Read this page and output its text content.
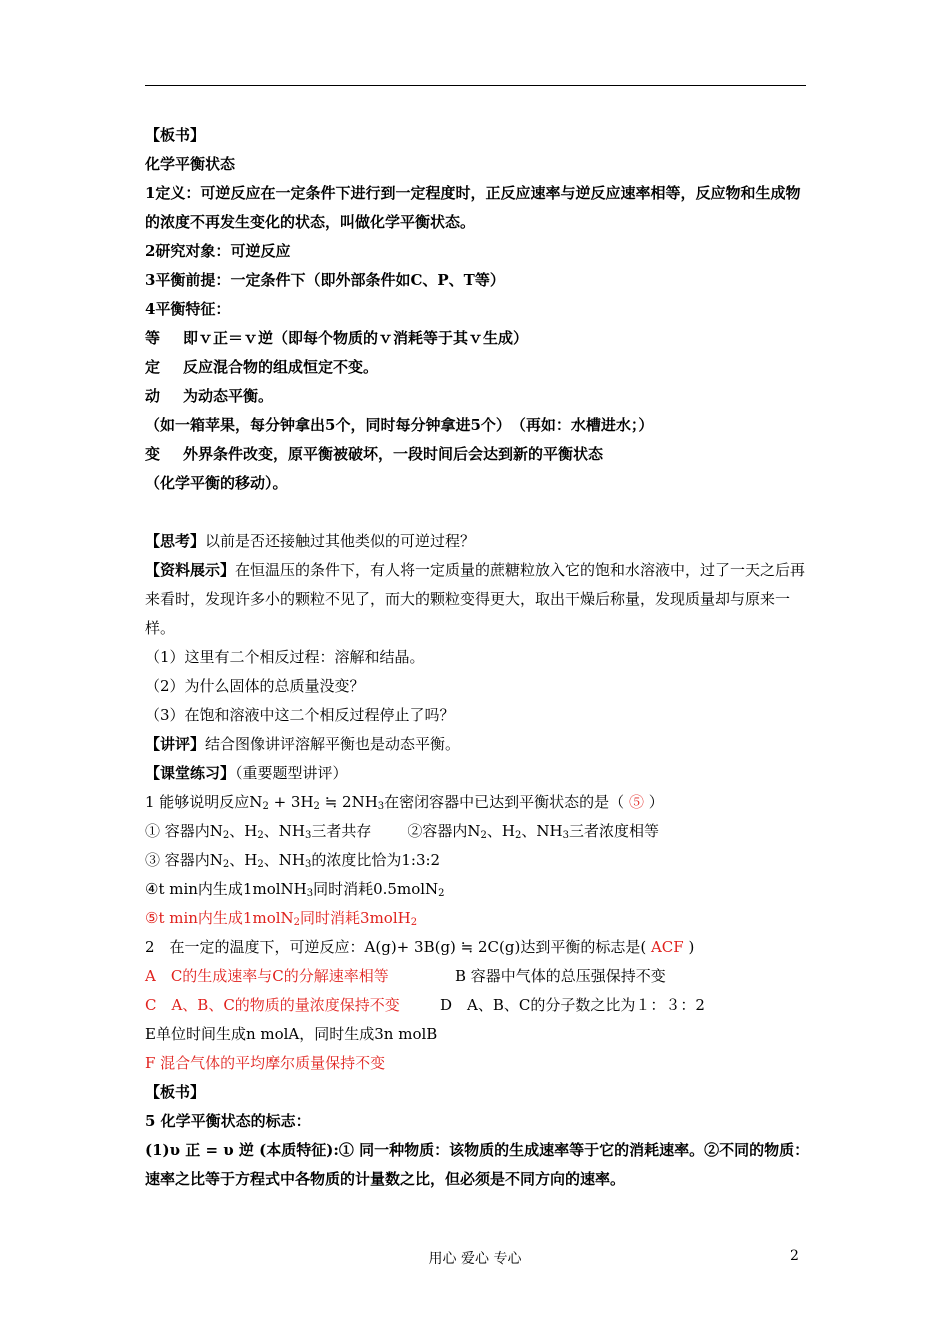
【板书】
化学平衡状态
1定义：可逆反应在一定条件下进行到一定程度时，正反应速率与逆反应速率相等，反应物和生成物的浓度不再发生变化的状态，叫做化学平衡状态。
2研究对象：可逆反应
3平衡前提：一定条件下（即外部条件如C、P、T等）
4平衡特征：
等 即ｖ正＝ｖ逆（即每个物质的ｖ消耗等于其ｖ生成）
定 反应混合物的组成恒定不变。
动 为动态平衡。
（如一箱苹果，每分钟拿出5个，同时每分钟拿进5个）　（再如：水槽进水；）
变 外界条件改变，原平衡被破坏，一段时间后会达到新的平衡状态
（化学平衡的移动）。
【思考】以前是否还接触过其他类似的可逆过程？
【资料展示】在恒温压的条件下，有人将一定质量的蔗糖粒放入它的饱和水溶液中，过了一天之后再来看时，发现许多小的颗粒不见了，而大的颗粒变得更大，取出干燥后称量，发现质量却与原来一样。
（1）这里有二个相反过程：溶解和结晶。
（2）为什么固体的总质量没变？
（3）在饱和溶液中这二个相反过程停止了吗？
【讲评】结合图像讲评溶解平衡也是动态平衡。
【课堂练习】（重要题型讲评）
1 能够说明反应$N_2 + 3H_2$ ≒ $2NH_3$在密闭容器中已达到平衡状态的是（ ⑤ ）
① 容器内$N_2$、$H_2$、$NH_3$三者共存 ②容器内$N_2$、$H_2$、$NH_3$三者浓度相等
③ 容器内$N_2$、$H_2$、$NH_3$的浓度比恰为1:3:2
④t min内生成1molNH$_3$同时消耗0.5molN$_2$
⑤t min内生成1molN$_2$同时消耗3molH$_2$
2　在一定的温度下，可逆反应：A(g)+ 3B(g) ≒ 2C(g)达到平衡的标志是( ACF )
A　C的生成速率与C的分解速率相等	B 容器中气体的总压强保持不变
C　A、B、C的物质的量浓度保持不变	D　A、B、C的分子数之比为１：３：2
E单位时间生成n molA，同时生成3n molB
F 混合气体的平均摩尔质量保持不变
【板书】
5 化学平衡状态的标志：
(1)υ 正 = υ 逆 (本质特征):① 同一种物质：该物质的生成速率等于它的消耗速率。②不同的物质：速率之比等于方程式中各物质的计量数之比，但必须是不同方向的速率。
用心 爱心 专心	2
